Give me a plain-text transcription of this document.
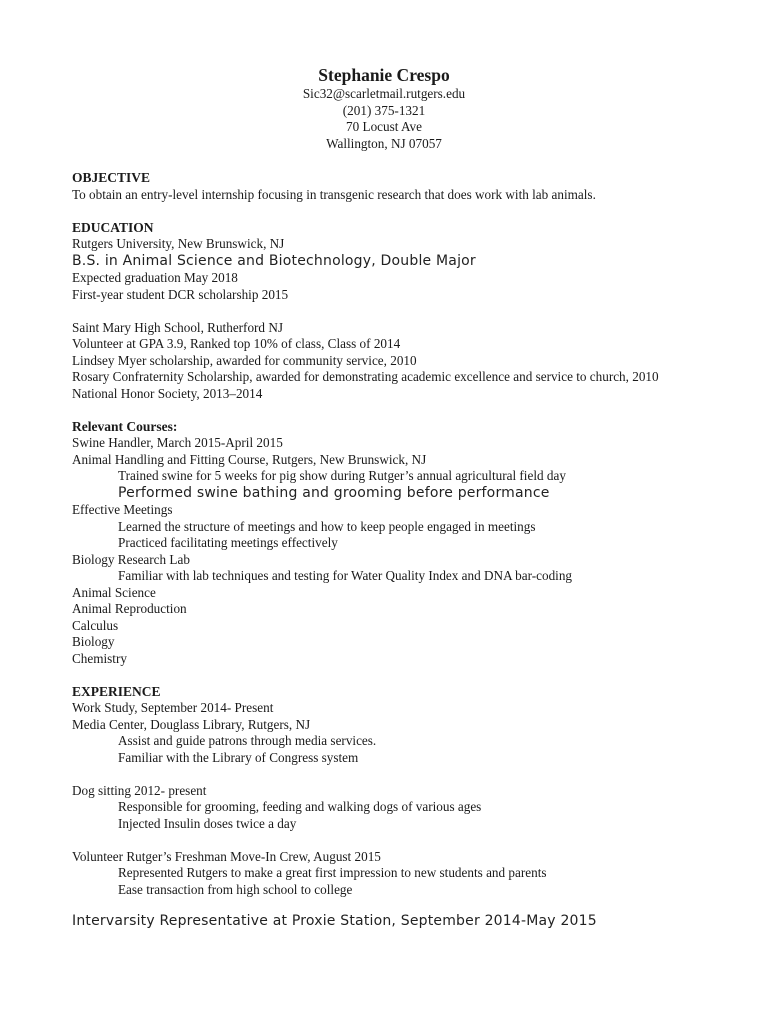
Stephanie Crespo
Sic32@scarletmail.rutgers.edu
(201) 375-1321
70 Locust Ave
Wallington, NJ 07057
OBJECTIVE
To obtain an entry-level internship focusing in transgenic research that does work with lab animals.
EDUCATION
Rutgers University, New Brunswick, NJ
B.S. in Animal Science and Biotechnology, Double Major
Expected graduation May 2018
First-year student DCR scholarship 2015
Saint Mary High School, Rutherford NJ
Volunteer at GPA 3.9, Ranked top 10% of class, Class of 2014
Lindsey Myer scholarship, awarded for community service, 2010
Rosary Confraternity Scholarship, awarded for demonstrating academic excellence and service to church, 2010
National Honor Society, 2013–2014
Relevant Courses:
Swine Handler, March 2015-April 2015
Animal Handling and Fitting Course, Rutgers, New Brunswick, NJ
Trained swine for 5 weeks for pig show during Rutger’s annual agricultural field day
Performed swine bathing and grooming before performance
Effective Meetings
Learned the structure of meetings and how to keep people engaged in meetings
Practiced facilitating meetings effectively
Biology Research Lab
Familiar with lab techniques and testing for Water Quality Index and DNA bar-coding
Animal Science
Animal Reproduction
Calculus
Biology
Chemistry
EXPERIENCE
Work Study, September 2014- Present
Media Center, Douglass Library, Rutgers, NJ
Assist and guide patrons through media services.
Familiar with the Library of Congress system
Dog sitting 2012- present
Responsible for grooming, feeding and walking dogs of various ages
Injected Insulin doses twice a day
Volunteer Rutger’s Freshman Move-In Crew, August 2015
Represented Rutgers to make a great first impression to new students and parents
Ease transaction from high school to college
Intervarsity Representative at Proxie Station, September 2014-May 2015
